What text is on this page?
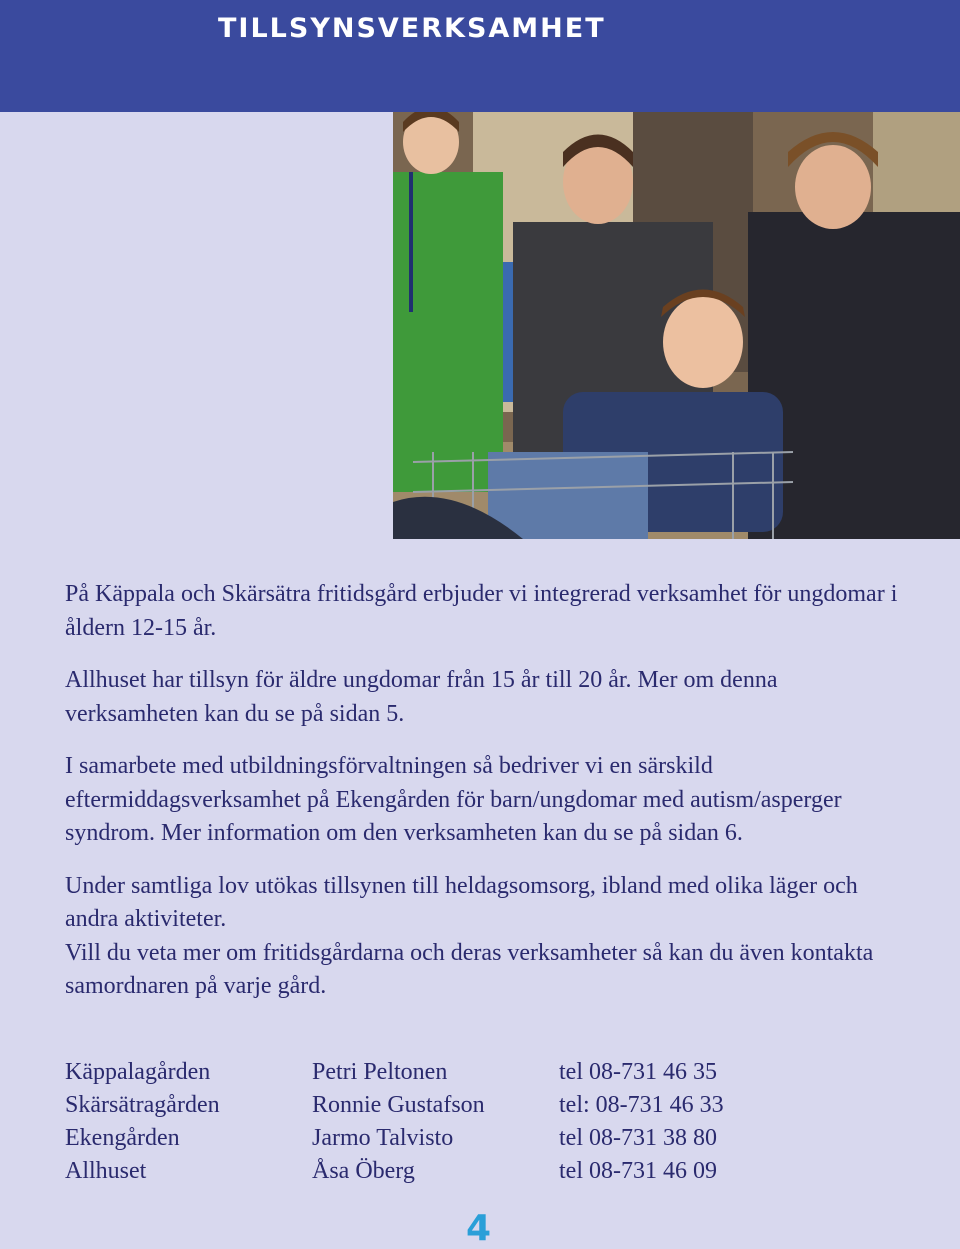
tillsynsverksamhet

På Käppala och Skärsätra fritidsgård erbjuder vi integrerad verksamhet för ungdomar i åldern 12-15 år.

Allhuset har tillsyn för äldre ungdomar från 15 år till 20 år. Mer om denna verksamheten kan du se på sidan 5.

I samarbete med utbildningsförvaltningen så bedriver vi en särskild eftermiddagsverksamhet på Ekengården för barn/ungdomar med autism/asperger syndrom. Mer information om den verksamheten kan du se på sidan 6.

Under samtliga lov utökas tillsynen till heldagsomsorg, ibland med olika läger och andra aktiviteter.

Vill du veta mer om fritidsgårdarna och deras verksamheter så kan du även kontakta samordnaren på varje gård.

Käppalagården	Petri Peltonen	tel 08-731 46 35
Skärsätragården	Ronnie Gustafson	tel: 08-731 46 33
Ekengården	Jarmo Talvisto	tel 08-731 38 80
Allhuset	Åsa Öberg	tel 08-731 46 09
4
